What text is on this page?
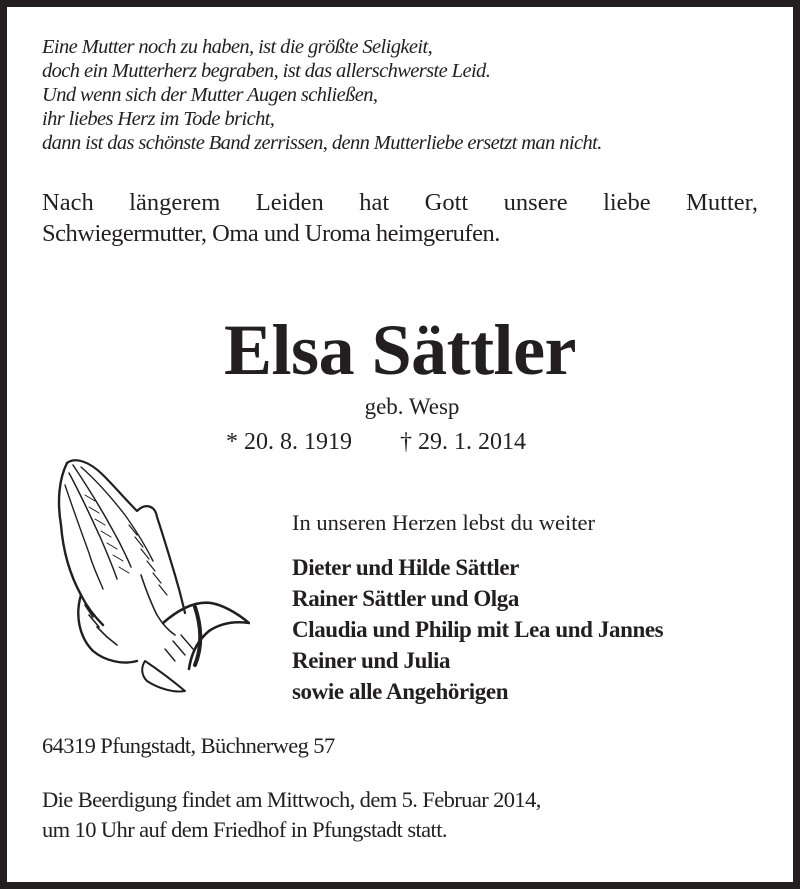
Eine Mutter noch zu haben, ist die größte Seligkeit,
doch ein Mutterherz begraben, ist das allerschwerste Leid.
Und wenn sich der Mutter Augen schließen,
ihr liebes Herz im Tode bricht,
dann ist das schönste Band zerrissen, denn Mutterliebe ersetzt man nicht.
Nach längerem Leiden hat Gott unsere liebe Mutter,
Schwiegermutter, Oma und Uroma heimgerufen.
Elsa Sättler
geb. Wesp
* 20. 8. 1919 † 29. 1. 2014
In unseren Herzen lebst du weiter
Dieter und Hilde Sättler
Rainer Sättler und Olga
Claudia und Philip mit Lea und Jannes
Reiner und Julia
sowie alle Angehörigen
64319 Pfungstadt, Büchnerweg 57
Die Beerdigung findet am Mittwoch, dem 5. Februar 2014,
um 10 Uhr auf dem Friedhof in Pfungstadt statt.
